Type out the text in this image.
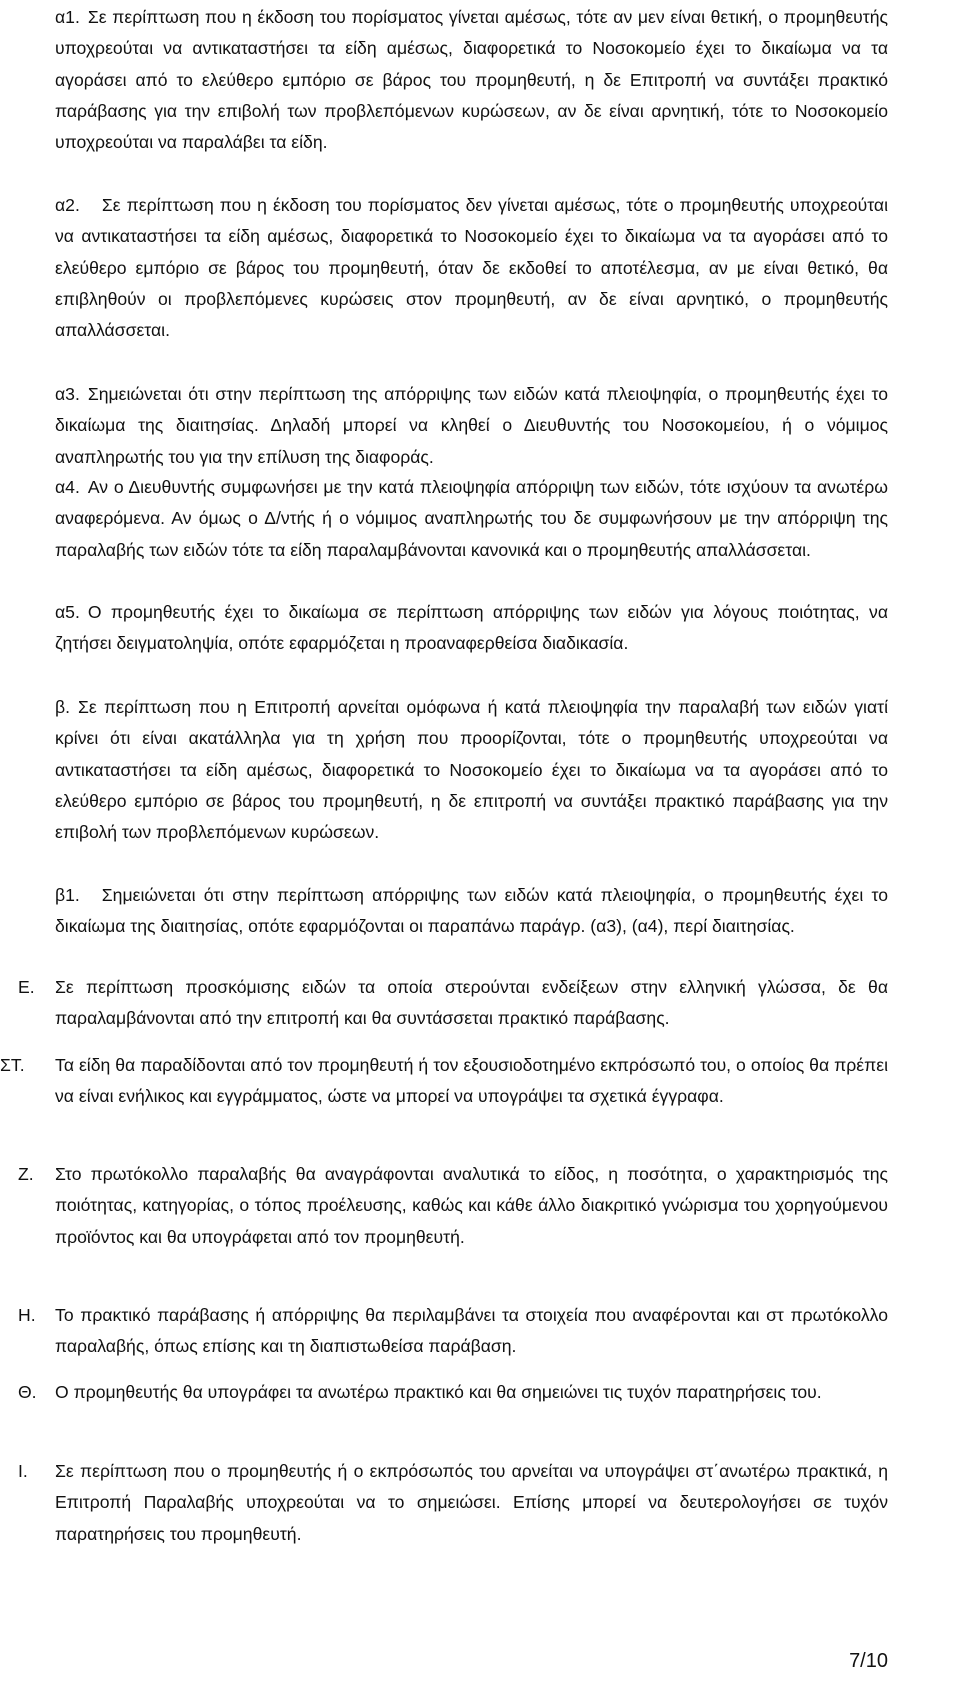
α1. Σε περίπτωση που η έκδοση του πορίσματος γίνεται αμέσως, τότε αν μεν είναι θετική, ο προμηθευτής υποχρεούται να αντικαταστήσει τα είδη αμέσως, διαφορετικά το Νοσοκομείο έχει το δικαίωμα να τα αγοράσει από το ελεύθερο εμπόριο σε βάρος του προμηθευτή, η δε Επιτροπή να συντάξει πρακτικό παράβασης για την επιβολή των προβλεπόμενων κυρώσεων, αν δε είναι αρνητική, τότε το Νοσοκομείο υποχρεούται να παραλάβει τα είδη.

α2. Σε περίπτωση που η έκδοση του πορίσματος δεν γίνεται αμέσως, τότε ο προμηθευτής υποχρεούται να αντικαταστήσει τα είδη αμέσως, διαφορετικά το Νοσοκομείο έχει το δικαίωμα να τα αγοράσει από το ελεύθερο εμπόριο σε βάρος του προμηθευτή, όταν δε εκδοθεί το αποτέλεσμα, αν με είναι θετικό, θα επιβληθούν οι προβλεπόμενες κυρώσεις στον προμηθευτή, αν δε είναι αρνητικό, ο προμηθευτής απαλλάσσεται.

α3. Σημειώνεται ότι στην περίπτωση της απόρριψης των ειδών κατά πλειοψηφία, ο προμηθευτής έχει το δικαίωμα της διαιτησίας. Δηλαδή μπορεί να κληθεί ο Διευθυντής του Νοσοκομείου, ή ο νόμιμος αναπληρωτής του για την επίλυση της διαφοράς.

α4. Αν ο Διευθυντής συμφωνήσει με την κατά πλειοψηφία απόρριψη των ειδών, τότε ισχύουν τα ανωτέρω αναφερόμενα. Αν όμως ο Δ/ντής ή ο νόμιμος αναπληρωτής του δε συμφωνήσουν με την απόρριψη της παραλαβής των ειδών τότε τα είδη παραλαμβάνονται κανονικά και ο προμηθευτής απαλλάσσεται.

α5. Ο προμηθευτής έχει το δικαίωμα σε περίπτωση απόρριψης των ειδών για λόγους ποιότητας, να ζητήσει δειγματοληψία, οπότε εφαρμόζεται η προαναφερθείσα διαδικασία.

β. Σε περίπτωση που η Επιτροπή αρνείται ομόφωνα ή κατά πλειοψηφία την παραλαβή των ειδών γιατί κρίνει ότι είναι ακατάλληλα για τη χρήση που προορίζονται, τότε ο προμηθευτής υποχρεούται να αντικαταστήσει τα είδη αμέσως, διαφορετικά το Νοσοκομείο έχει το δικαίωμα να τα αγοράσει από το ελεύθερο εμπόριο σε βάρος του προμηθευτή, η δε επιτροπή να συντάξει πρακτικό παράβασης για την επιβολή των προβλεπόμενων κυρώσεων.

β1. Σημειώνεται ότι στην περίπτωση απόρριψης των ειδών κατά πλειοψηφία, ο προμηθευτής έχει το δικαίωμα της διαιτησίας, οπότε εφαρμόζονται οι παραπάνω παράγρ. (α3), (α4), περί διαιτησίας.

Ε. Σε περίπτωση προσκόμισης ειδών τα οποία στερούνται ενδείξεων στην ελληνική γλώσσα, δε θα παραλαμβάνονται από την επιτροπή και θα συντάσσεται πρακτικό παράβασης.

ΣΤ. Τα είδη θα παραδίδονται από τον προμηθευτή ή τον εξουσιοδοτημένο εκπρόσωπό του, ο οποίος θα πρέπει να είναι ενήλικος και εγγράμματος, ώστε να μπορεί να υπογράψει τα σχετικά έγγραφα.

Ζ. Στο πρωτόκολλο παραλαβής θα αναγράφονται αναλυτικά το είδος, η ποσότητα, ο χαρακτηρισμός της ποιότητας, κατηγορίας, ο τόπος προέλευσης, καθώς και κάθε άλλο διακριτικό γνώρισμα του χορηγούμενου προϊόντος και θα υπογράφεται από τον προμηθευτή.

Η. Το πρακτικό παράβασης ή απόρριψης θα περιλαμβάνει τα στοιχεία που αναφέρονται και στ πρωτόκολλο παραλαβής, όπως επίσης και τη διαπιστωθείσα παράβαση.

Θ. Ο προμηθευτής θα υπογράφει τα ανωτέρω πρακτικό και θα σημειώνει τις τυχόν παρατηρήσεις του.

Ι. Σε περίπτωση που ο προμηθευτής ή ο εκπρόσωπός του αρνείται να υπογράψει στ΄ανωτέρω πρακτικά, η Επιτροπή Παραλαβής υποχρεούται να το σημειώσει. Επίσης μπορεί να δευτερολογήσει σε τυχόν παρατηρήσεις του προμηθευτή.

7/10
